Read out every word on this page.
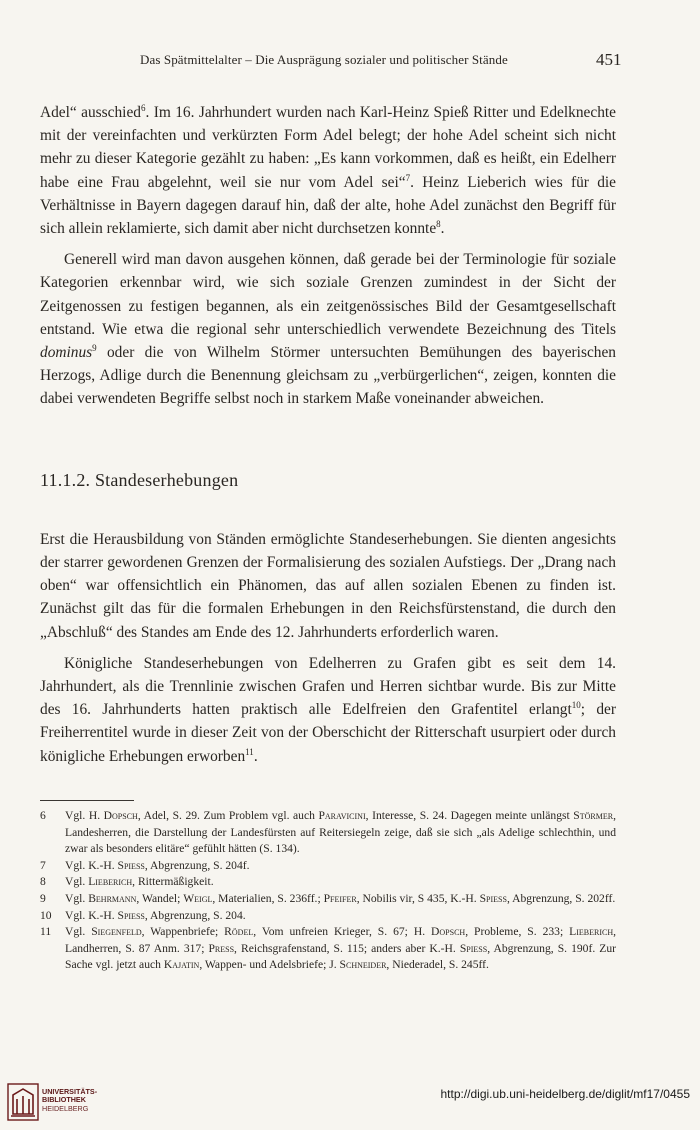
Das Spätmittelalter – Die Ausprägung sozialer und politischer Stände	451

Adel“ ausschied$^6$. Im 16. Jahrhundert wurden nach Karl-Heinz Spieß Ritter und Edelknechte mit der vereinfachten und verkürzten Form Adel belegt; der hohe Adel scheint sich nicht mehr zu dieser Kategorie gezählt zu haben: „Es kann vorkommen, daß es heißt, ein Edelherr habe eine Frau abgelehnt, weil sie nur vom Adel sei“$^7$. Heinz Lieberich wies für die Verhältnisse in Bayern dagegen darauf hin, daß der alte, hohe Adel zunächst den Begriff für sich allein reklamierte, sich damit aber nicht durchsetzen konnte$^8$.

Generell wird man davon ausgehen können, daß gerade bei der Terminologie für soziale Kategorien erkennbar wird, wie sich soziale Grenzen zumindest in der Sicht der Zeitgenossen zu festigen begannen, als ein zeitgenössisches Bild der Gesamtgesellschaft entstand. Wie etwa die regional sehr unterschiedlich verwendete Bezeichnung des Titels dominus$^9$ oder die von Wilhelm Störmer untersuchten Bemühungen des bayerischen Herzogs, Adlige durch die Benennung gleichsam zu „verbürgerlichen“, zeigen, konnten die dabei verwendeten Begriffe selbst noch in starkem Maße voneinander abweichen.

11.1.2. Standeserhebungen

Erst die Herausbildung von Ständen ermöglichte Standeserhebungen. Sie dienten angesichts der starrer gewordenen Grenzen der Formalisierung des sozialen Aufstiegs. Der „Drang nach oben“ war offensichtlich ein Phänomen, das auf allen sozialen Ebenen zu finden ist. Zunächst gilt das für die formalen Erhebungen in den Reichsfürstenstand, die durch den „Abschluß“ des Standes am Ende des 12. Jahrhunderts erforderlich waren.

Königliche Standeserhebungen von Edelherren zu Grafen gibt es seit dem 14. Jahrhundert, als die Trennlinie zwischen Grafen und Herren sichtbar wurde. Bis zur Mitte des 16. Jahrhunderts hatten praktisch alle Edelfreien den Grafentitel erlangt$^{10}$; der Freiherrentitel wurde in dieser Zeit von der Oberschicht der Ritterschaft usurpiert oder durch königliche Erhebungen erworben$^{11}$.

6 Vgl. H. Dopsch, Adel, S. 29. Zum Problem vgl. auch Paravicini, Interesse, S. 24. Dagegen meinte unlängst Störmer, Landesherren, die Darstellung der Landesfürsten auf Reitersiegeln zeige, daß sie sich „als Adelige schlechthin, und zwar als besonders elitäre“ gefühlt hätten (S. 134).

7 Vgl. K.-H. Spiess, Abgrenzung, S. 204f.

8 Vgl. Lieberich, Rittermäßigkeit.

9 Vgl. Behrmann, Wandel; Weigl, Materialien, S. 236ff.; Pfeifer, Nobilis vir, S 435, K.-H. Spiess, Abgrenzung, S. 202ff.

10 Vgl. K.-H. Spiess, Abgrenzung, S. 204.

11 Vgl. Siegenfeld, Wappenbriefe; Rödel, Vom unfreien Krieger, S. 67; H. Dopsch, Probleme, S. 233; Lieberich, Landherren, S. 87 Anm. 317; Press, Reichsgrafenstand, S. 115; anders aber K.-H. Spiess, Abgrenzung, S. 190f. Zur Sache vgl. jetzt auch Kajatin, Wappen- und Adelsbriefe; J. Schneider, Niederadel, S. 245ff.

UNIVERSITÄTS-
BIBLIOTHEK
HEIDELBERG
http://digi.ub.uni-heidelberg.de/diglit/mf17/0455
